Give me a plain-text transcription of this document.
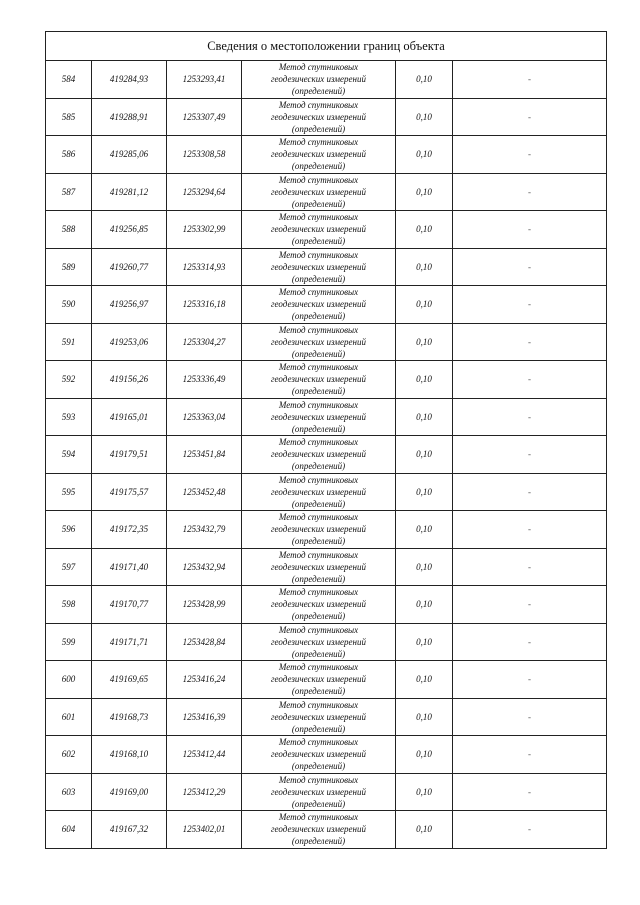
Сведения о местоположении границ объекта					
584	419284,93	1253293,41	Метод спутниковых
геодезических измерений
(определений)	0,10	-
585	419288,91	1253307,49	Метод спутниковых
геодезических измерений
(определений)	0,10	-
586	419285,06	1253308,58	Метод спутниковых
геодезических измерений
(определений)	0,10	-
587	419281,12	1253294,64	Метод спутниковых
геодезических измерений
(определений)	0,10	-
588	419256,85	1253302,99	Метод спутниковых
геодезических измерений
(определений)	0,10	-
589	419260,77	1253314,93	Метод спутниковых
геодезических измерений
(определений)	0,10	-
590	419256,97	1253316,18	Метод спутниковых
геодезических измерений
(определений)	0,10	-
591	419253,06	1253304,27	Метод спутниковых
геодезических измерений
(определений)	0,10	-
592	419156,26	1253336,49	Метод спутниковых
геодезических измерений
(определений)	0,10	-
593	419165,01	1253363,04	Метод спутниковых
геодезических измерений
(определений)	0,10	-
594	419179,51	1253451,84	Метод спутниковых
геодезических измерений
(определений)	0,10	-
595	419175,57	1253452,48	Метод спутниковых
геодезических измерений
(определений)	0,10	-
596	419172,35	1253432,79	Метод спутниковых
геодезических измерений
(определений)	0,10	-
597	419171,40	1253432,94	Метод спутниковых
геодезических измерений
(определений)	0,10	-
598	419170,77	1253428,99	Метод спутниковых
геодезических измерений
(определений)	0,10	-
599	419171,71	1253428,84	Метод спутниковых
геодезических измерений
(определений)	0,10	-
600	419169,65	1253416,24	Метод спутниковых
геодезических измерений
(определений)	0,10	-
601	419168,73	1253416,39	Метод спутниковых
геодезических измерений
(определений)	0,10	-
602	419168,10	1253412,44	Метод спутниковых
геодезических измерений
(определений)	0,10	-
603	419169,00	1253412,29	Метод спутниковых
геодезических измерений
(определений)	0,10	-
604	419167,32	1253402,01	Метод спутниковых
геодезических измерений
(определений)	0,10	-
